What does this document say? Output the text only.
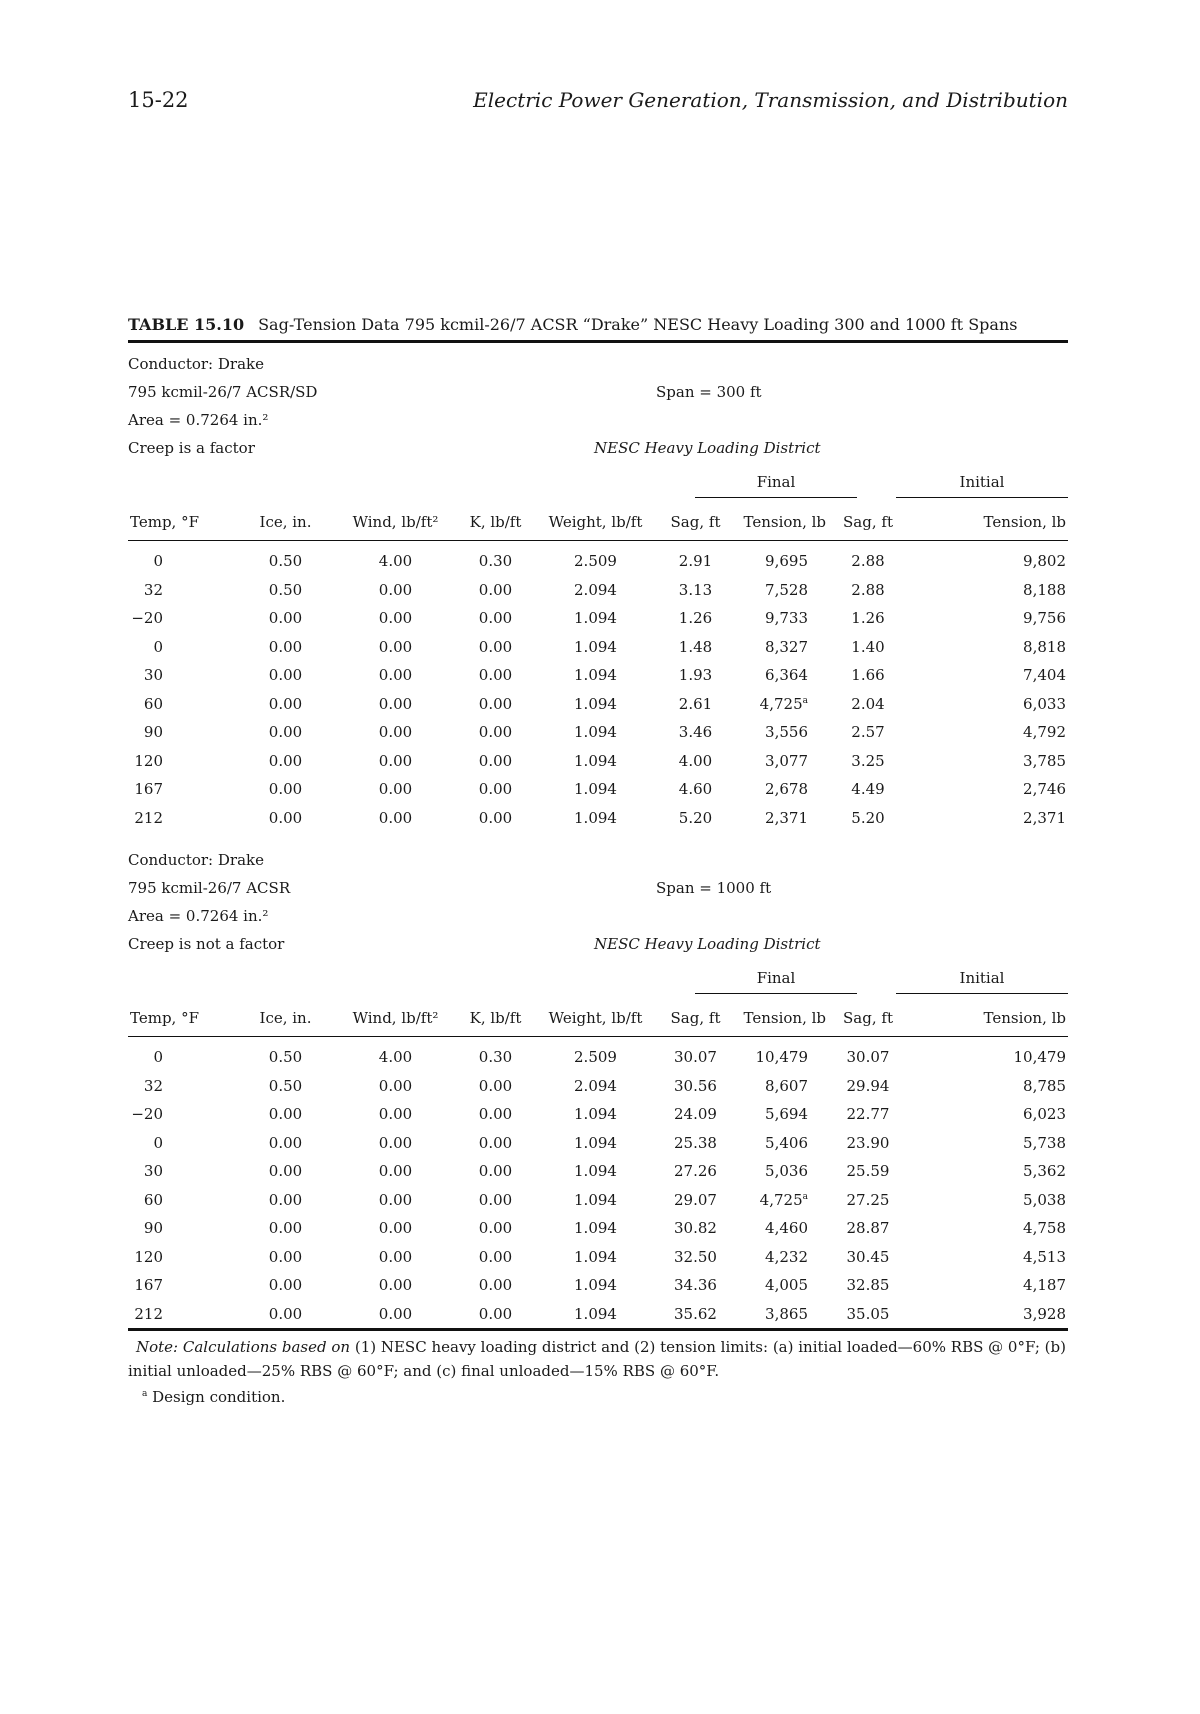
15-22	Electric Power Generation, Transmission, and Distribution
TABLE 15.10 Sag-Tension Data 795 kcmil-26/7 ACSR “Drake” NESC Heavy Loading 300 and 1000 ft Spans
Conductor: Drake
795 kcmil-26/7 ACSR/SD	Span = 300 ft
Area = 0.7264 in.²
Creep is a factor	NESC Heavy Loading District
Final	Initial
Temp, °F	Ice, in.	Wind, lb/ft²	K, lb/ft	Weight, lb/ft	Sag, ft	Tension, lb	Sag, ft	Tension, lb
0	0.50	4.00	0.30	2.509	2.91	9,695	2.88	9,802
32	0.50	0.00	0.00	2.094	3.13	7,528	2.88	8,188
−20	0.00	0.00	0.00	1.094	1.26	9,733	1.26	9,756
0	0.00	0.00	0.00	1.094	1.48	8,327	1.40	8,818
30	0.00	0.00	0.00	1.094	1.93	6,364	1.66	7,404
60	0.00	0.00	0.00	1.094	2.61	4,725$^a$	2.04	6,033
90	0.00	0.00	0.00	1.094	3.46	3,556	2.57	4,792
120	0.00	0.00	0.00	1.094	4.00	3,077	3.25	3,785
167	0.00	0.00	0.00	1.094	4.60	2,678	4.49	2,746
212	0.00	0.00	0.00	1.094	5.20	2,371	5.20	2,371
Conductor: Drake
795 kcmil-26/7 ACSR	Span = 1000 ft
Area = 0.7264 in.²
Creep is not a factor	NESC Heavy Loading District
Final	Initial
Temp, °F	Ice, in.	Wind, lb/ft²	K, lb/ft	Weight, lb/ft	Sag, ft	Tension, lb	Sag, ft	Tension, lb
0	0.50	4.00	0.30	2.509	30.07	10,479	30.07	10,479
32	0.50	0.00	0.00	2.094	30.56	8,607	29.94	8,785
−20	0.00	0.00	0.00	1.094	24.09	5,694	22.77	6,023
0	0.00	0.00	0.00	1.094	25.38	5,406	23.90	5,738
30	0.00	0.00	0.00	1.094	27.26	5,036	25.59	5,362
60	0.00	0.00	0.00	1.094	29.07	4,725$^a$	27.25	5,038
90	0.00	0.00	0.00	1.094	30.82	4,460	28.87	4,758
120	0.00	0.00	0.00	1.094	32.50	4,232	30.45	4,513
167	0.00	0.00	0.00	1.094	34.36	4,005	32.85	4,187
212	0.00	0.00	0.00	1.094	35.62	3,865	35.05	3,928
Note: Calculations based on (1) NESC heavy loading district and (2) tension limits: (a) initial loaded—60% RBS @ 0°F; (b) initial unloaded—25% RBS @ 60°F; and (c) final unloaded—15% RBS @ 60°F.
$^a$ Design condition.
